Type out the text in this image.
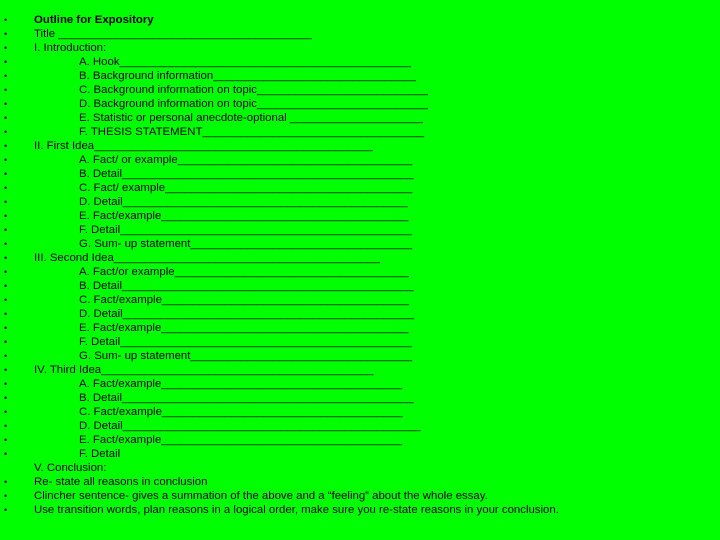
• Outline for Expository
• Title ________________________________________
• I. Introduction:
•	A. Hook______________________________________________
•	B. Background information________________________________
•	C. Background information on topic___________________________
•	D. Background information on topic___________________________
•	E. Statistic or personal anecdote-optional _____________________
•	F. THESIS STATEMENT___________________________________
• II. First Idea____________________________________________
•	A. Fact/ or example_____________________________________
•	B. Detail______________________________________________
•	C. Fact/ example_______________________________________
•	D. Detail_____________________________________________
•	E. Fact/example_______________________________________
•	F. Detail______________________________________________
•	G. Sum- up statement___________________________________
• III. Second Idea__________________________________________
•	A. Fact/or example_____________________________________
•	B. Detail______________________________________________
•	C. Fact/example_______________________________________
•	D. Detail______________________________________________
•	E. Fact/example_______________________________________
•	F. Detail______________________________________________
•	G. Sum- up statement___________________________________
• IV. Third Idea___________________________________________
•	A. Fact/example______________________________________
•	B. Detail______________________________________________
•	C. Fact/example______________________________________
•	D. Detail_______________________________________________
•	E. Fact/example______________________________________
•	F. Detail
V. Conclusion:
• Re- state all reasons in conclusion
• Clincher sentence- gives a summation of the above and a “feeling” about the whole essay.
• Use transition words, plan reasons in a logical order, make sure you re-state reasons in your conclusion.
